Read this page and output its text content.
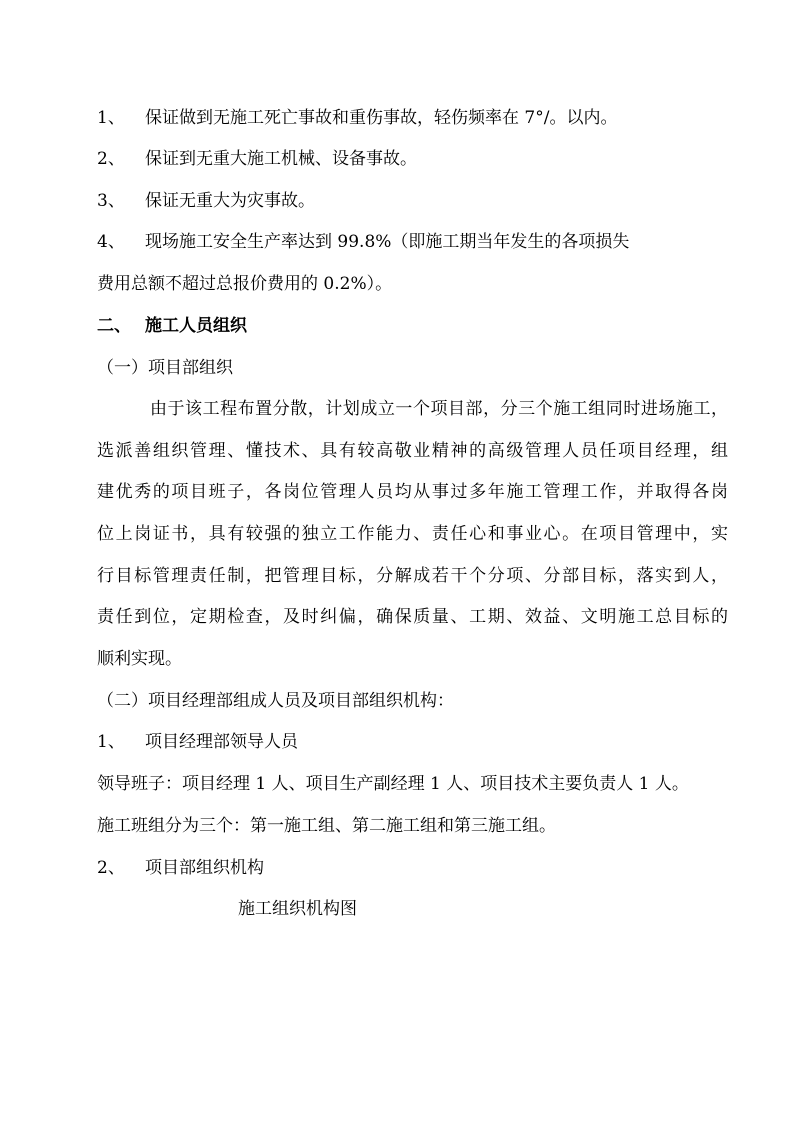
1、 保证做到无施工死亡事故和重伤事故，轻伤频率在 7°/。以内。
2、 保证到无重大施工机械、设备事故。
3、 保证无重大为灾事故。
4、 现场施工安全生产率达到 99.8%（即施工期当年发生的各项损失
费用总额不超过总报价费用的 0.2%）。
二、 施工人员组织
（一）项目部组织
由于该工程布置分散，计划成立一个项目部，分三个施工组同时进场施工，
选派善组织管理、懂技术、具有较高敬业精神的高级管理人员任项目经理，组
建优秀的项目班子，各岗位管理人员均从事过多年施工管理工作，并取得各岗
位上岗证书，具有较强的独立工作能力、责任心和事业心。在项目管理中，实
行目标管理责任制，把管理目标，分解成若干个分项、分部目标，落实到人，
责任到位，定期检查，及时纠偏，确保质量、工期、效益、文明施工总目标的
顺利实现。
（二）项目经理部组成人员及项目部组织机构：
1、 项目经理部领导人员
领导班子：项目经理 1 人、项目生产副经理 1 人、项目技术主要负责人 1 人。
施工班组分为三个：第一施工组、第二施工组和第三施工组。
2、 项目部组织机构
施工组织机构图
